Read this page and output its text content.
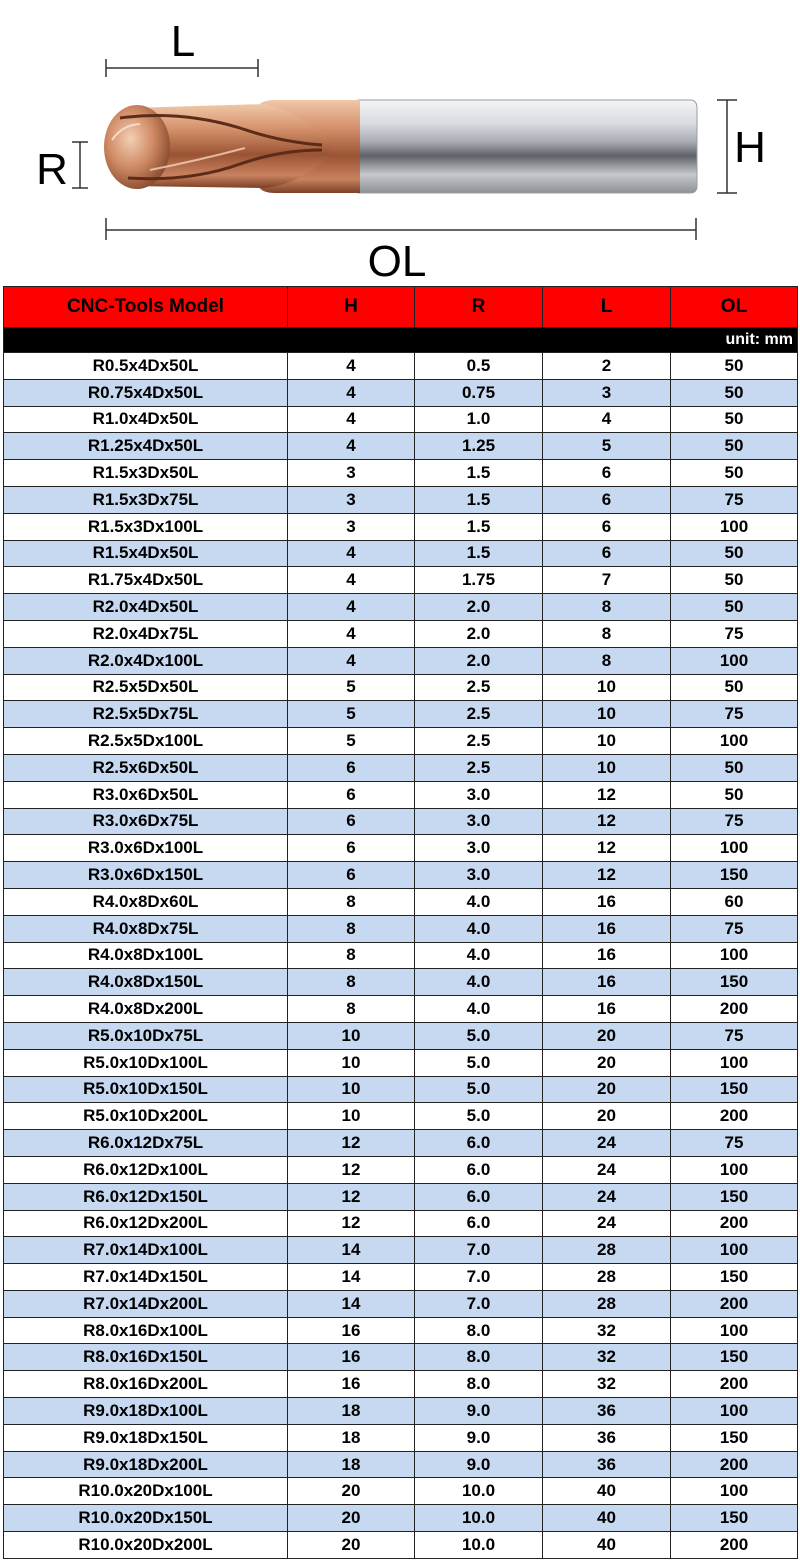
L
R	H
OL
CNC-Tools Model	H	R	L	OL
unit: mm				
R0.5x4Dx50L	4	0.5	2	50
R0.75x4Dx50L	4	0.75	3	50
R1.0x4Dx50L	4	1.0	4	50
R1.25x4Dx50L	4	1.25	5	50
R1.5x3Dx50L	3	1.5	6	50
R1.5x3Dx75L	3	1.5	6	75
R1.5x3Dx100L	3	1.5	6	100
R1.5x4Dx50L	4	1.5	6	50
R1.75x4Dx50L	4	1.75	7	50
R2.0x4Dx50L	4	2.0	8	50
R2.0x4Dx75L	4	2.0	8	75
R2.0x4Dx100L	4	2.0	8	100
R2.5x5Dx50L	5	2.5	10	50
R2.5x5Dx75L	5	2.5	10	75
R2.5x5Dx100L	5	2.5	10	100
R2.5x6Dx50L	6	2.5	10	50
R3.0x6Dx50L	6	3.0	12	50
R3.0x6Dx75L	6	3.0	12	75
R3.0x6Dx100L	6	3.0	12	100
R3.0x6Dx150L	6	3.0	12	150
R4.0x8Dx60L	8	4.0	16	60
R4.0x8Dx75L	8	4.0	16	75
R4.0x8Dx100L	8	4.0	16	100
R4.0x8Dx150L	8	4.0	16	150
R4.0x8Dx200L	8	4.0	16	200
R5.0x10Dx75L	10	5.0	20	75
R5.0x10Dx100L	10	5.0	20	100
R5.0x10Dx150L	10	5.0	20	150
R5.0x10Dx200L	10	5.0	20	200
R6.0x12Dx75L	12	6.0	24	75
R6.0x12Dx100L	12	6.0	24	100
R6.0x12Dx150L	12	6.0	24	150
R6.0x12Dx200L	12	6.0	24	200
R7.0x14Dx100L	14	7.0	28	100
R7.0x14Dx150L	14	7.0	28	150
R7.0x14Dx200L	14	7.0	28	200
R8.0x16Dx100L	16	8.0	32	100
R8.0x16Dx150L	16	8.0	32	150
R8.0x16Dx200L	16	8.0	32	200
R9.0x18Dx100L	18	9.0	36	100
R9.0x18Dx150L	18	9.0	36	150
R9.0x18Dx200L	18	9.0	36	200
R10.0x20Dx100L	20	10.0	40	100
R10.0x20Dx150L	20	10.0	40	150
R10.0x20Dx200L	20	10.0	40	200
